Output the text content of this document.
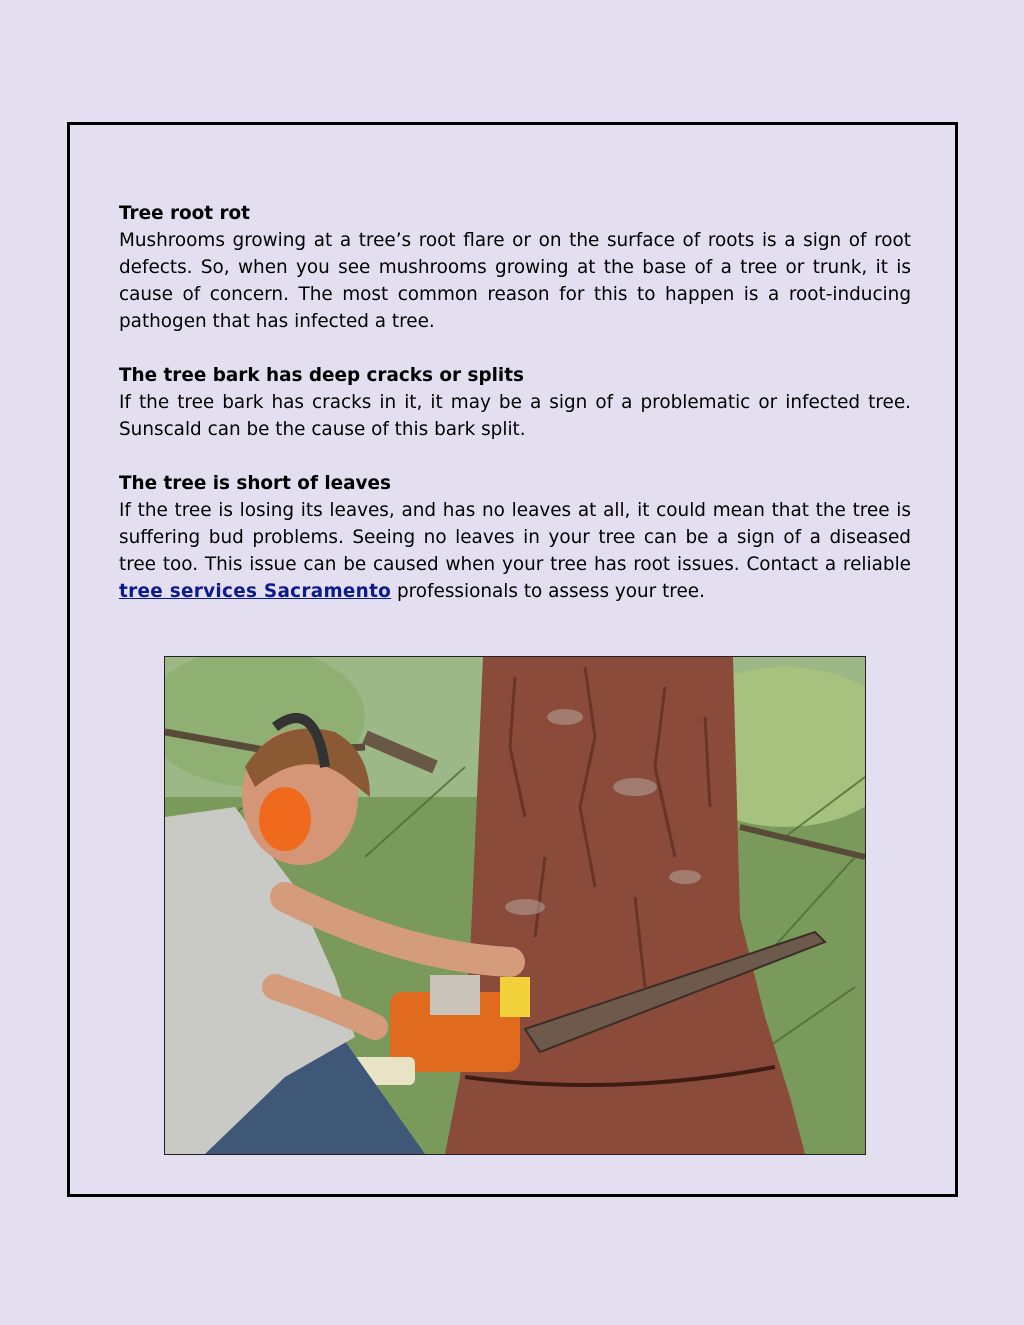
Tree root rot
Mushrooms growing at a tree’s root flare or on the surface of roots is a sign of root defects. So, when you see mushrooms growing at the base of a tree or trunk, it is cause of concern. The most common reason for this to happen is a root-inducing pathogen that has infected a tree.
The tree bark has deep cracks or splits
If the tree bark has cracks in it, it may be a sign of a problematic or infected tree. Sunscald can be the cause of this bark split.
The tree is short of leaves
If the tree is losing its leaves, and has no leaves at all, it could mean that the tree is suffering bud problems. Seeing no leaves in your tree can be a sign of a diseased tree too. This issue can be caused when your tree has root issues. Contact a reliable tree services Sacramento professionals to assess your tree.
